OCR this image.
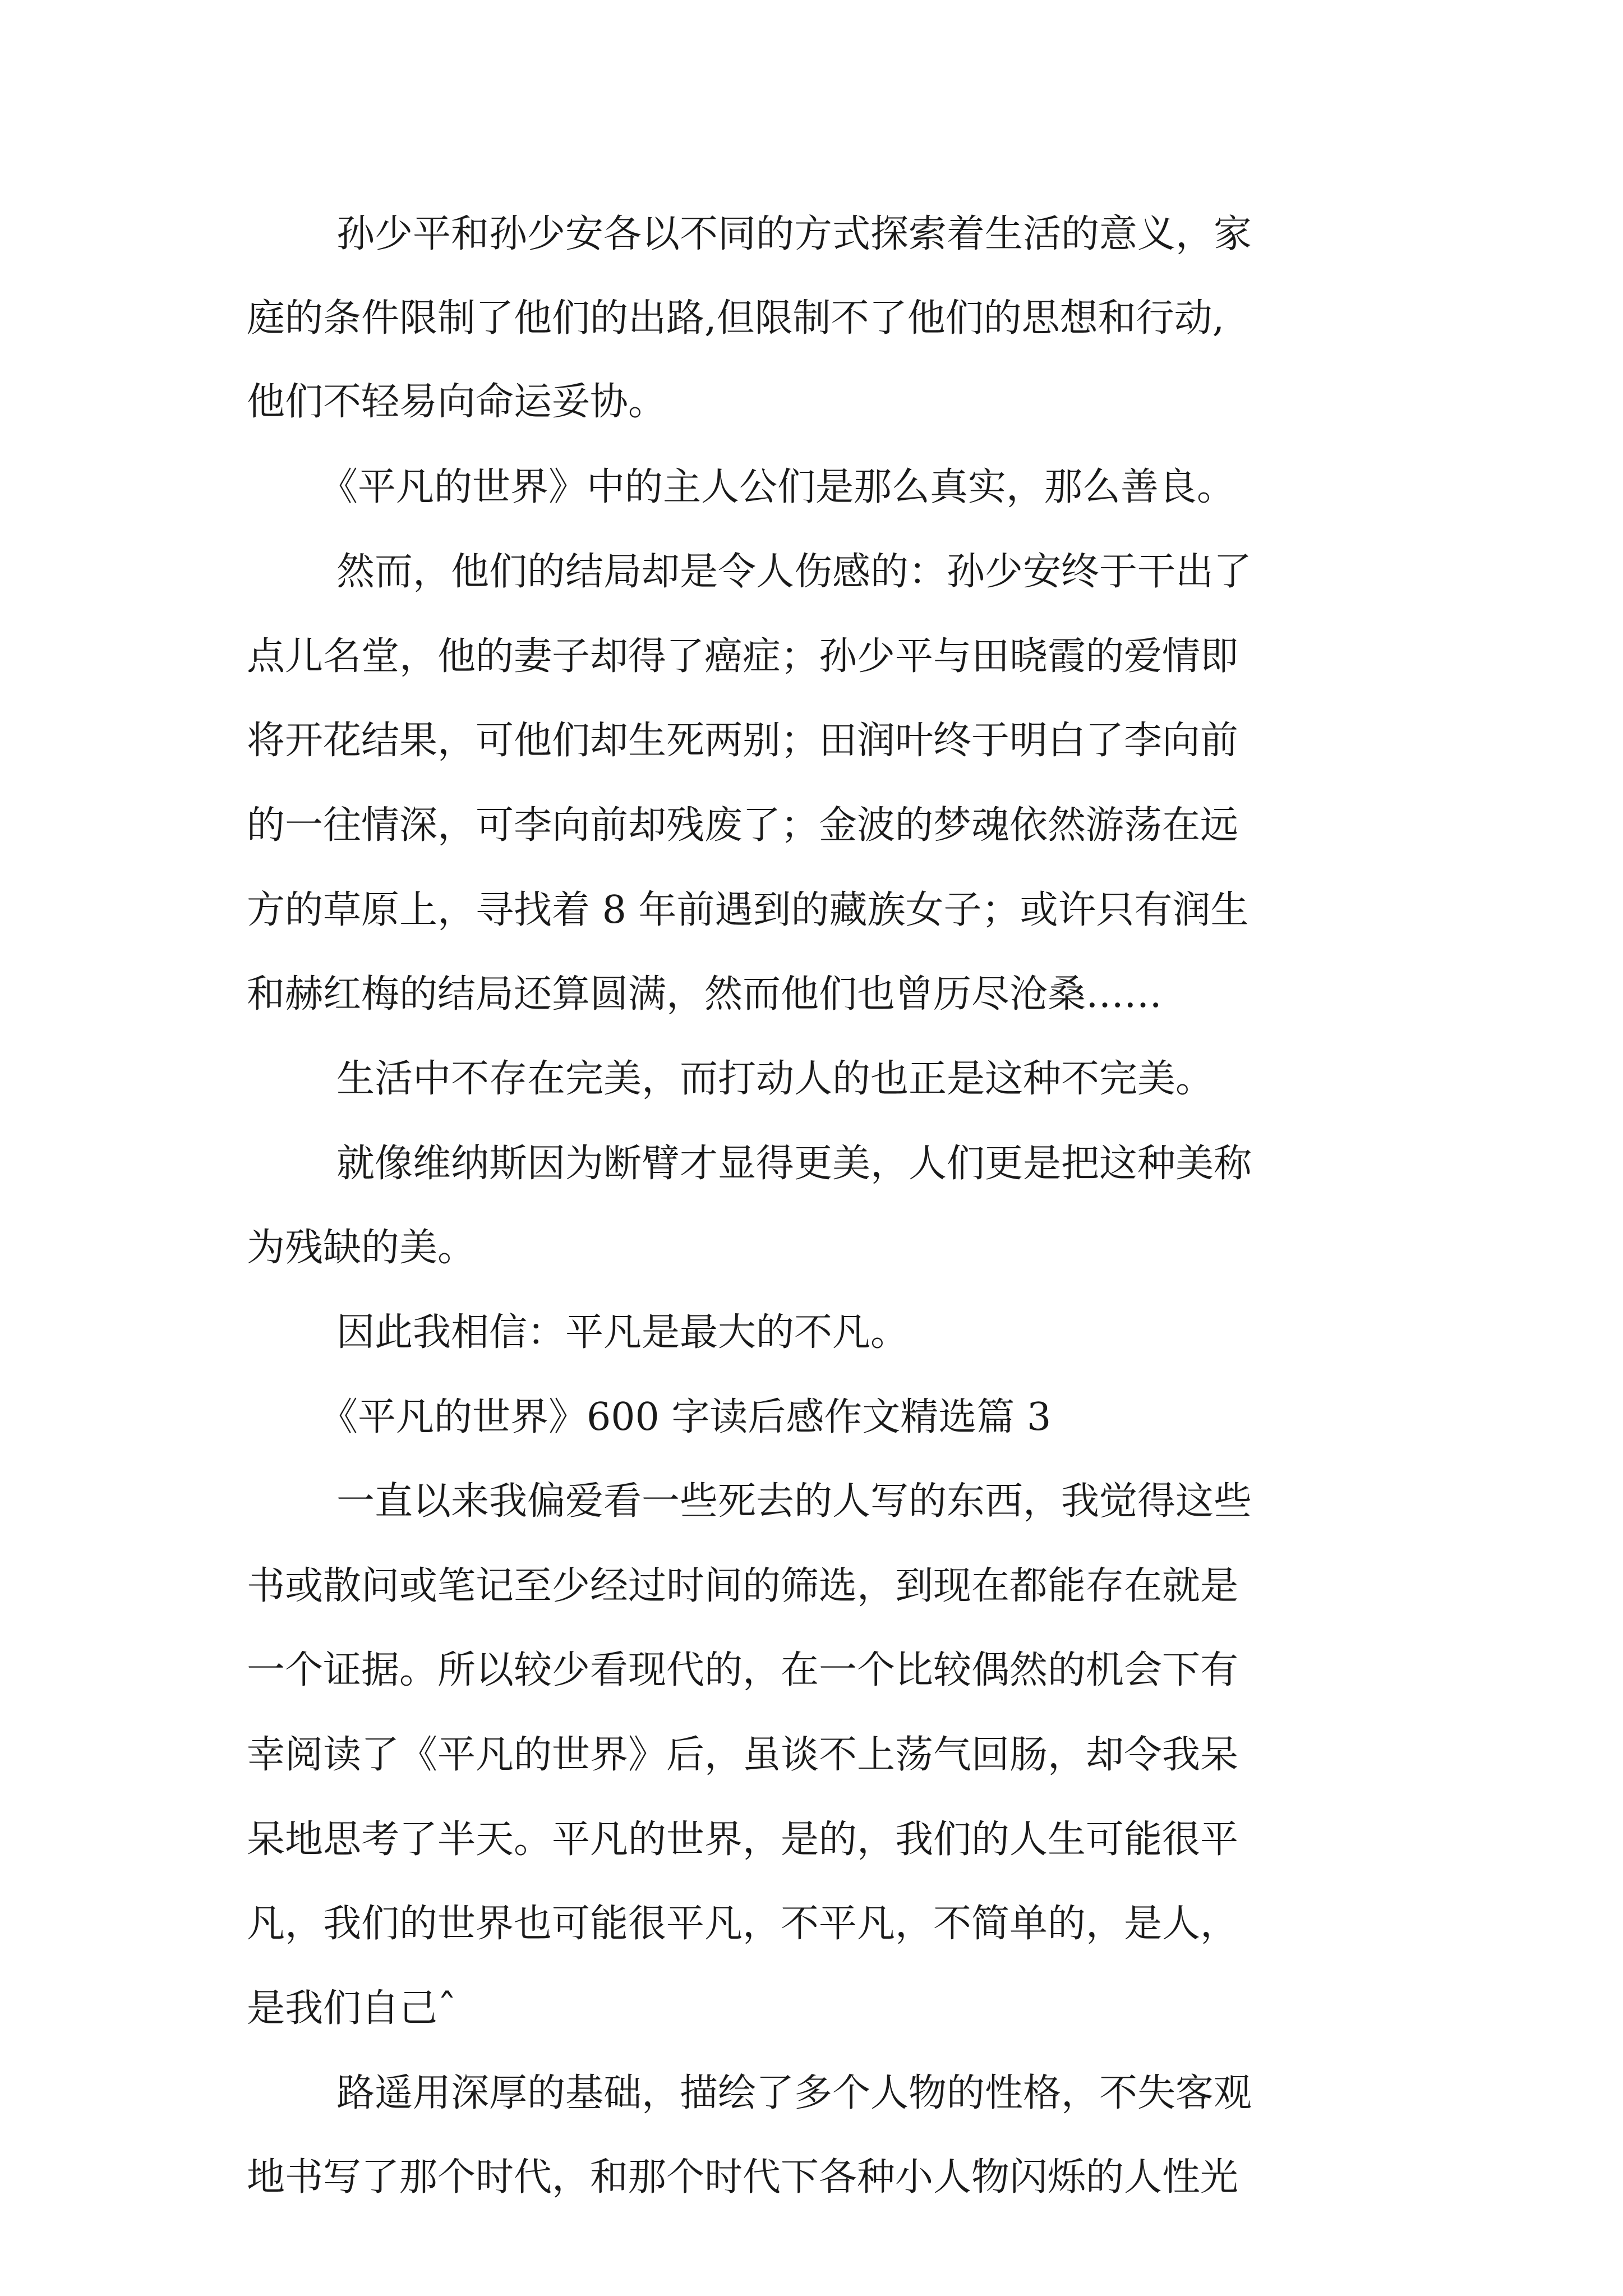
孙少平和孙少安各以不同的方式探索着生活的意义，家
庭的条件限制了他们的出路,但限制不了他们的思想和行动,
他们不轻易向命运妥协。
《平凡的世界》中的主人公们是那么真实，那么善良。
然而，他们的结局却是令人伤感的：孙少安终于干出了
点儿名堂，他的妻子却得了癌症；孙少平与田晓霞的爱情即
将开花结果，可他们却生死两别；田润叶终于明白了李向前
的一往情深，可李向前却残废了；金波的梦魂依然游荡在远
方的草原上，寻找着 8 年前遇到的藏族女子；或许只有润生
和赫红梅的结局还算圆满，然而他们也曾历尽沧桑……
生活中不存在完美，而打动人的也正是这种不完美。
就像维纳斯因为断臂才显得更美，人们更是把这种美称
为残缺的美。
因此我相信：平凡是最大的不凡。
《平凡的世界》600 字读后感作文精选篇 3
一直以来我偏爱看一些死去的人写的东西，我觉得这些
书或散问或笔记至少经过时间的筛选，到现在都能存在就是
一个证据。所以较少看现代的，在一个比较偶然的机会下有
幸阅读了《平凡的世界》后，虽谈不上荡气回肠，却令我呆
呆地思考了半天。平凡的世界，是的，我们的人生可能很平
凡，我们的世界也可能很平凡，不平凡，不简单的，是人，
是我们自己ˆ
路遥用深厚的基础，描绘了多个人物的性格，不失客观
地书写了那个时代，和那个时代下各种小人物闪烁的人性光
